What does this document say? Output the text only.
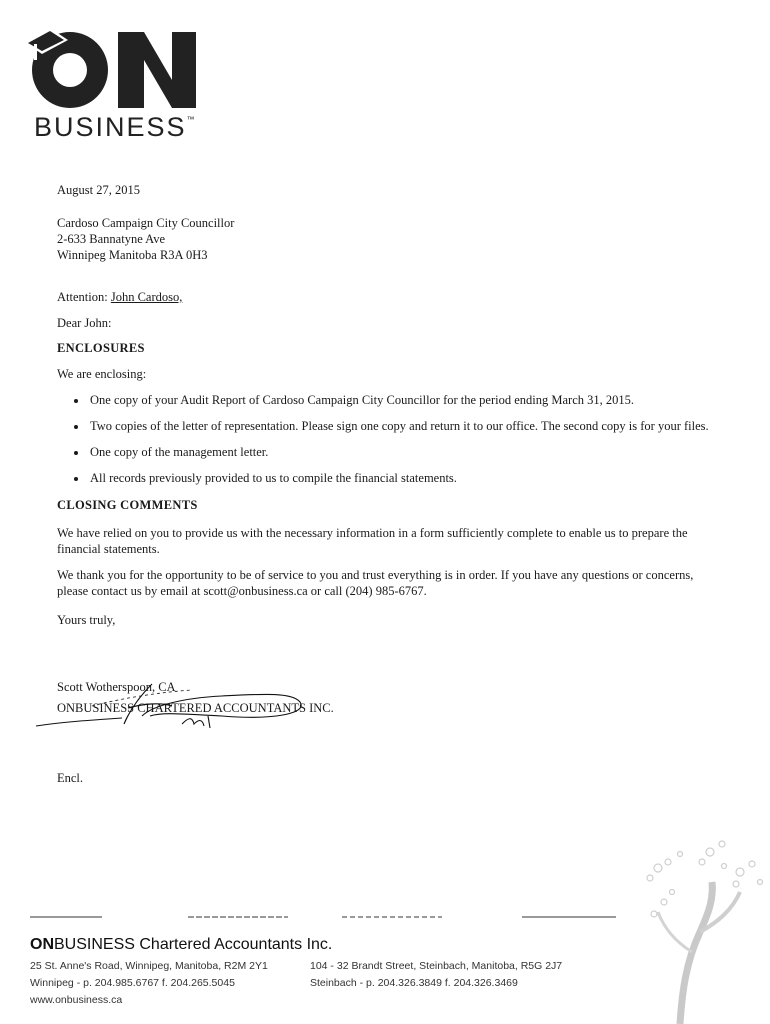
BUSINESS™

August 27, 2015

Cardoso Campaign City Councillor
2-633 Bannatyne Ave
Winnipeg Manitoba R3A 0H3

Attention: John Cardoso,

Dear John:

ENCLOSURES

We are enclosing:

One copy of your Audit Report of Cardoso Campaign City Councillor for the period ending March 31, 2015.
Two copies of the letter of representation. Please sign one copy and return it to our office. The second copy is for your files.
One copy of the management letter.
All records previously provided to us to compile the financial statements.

CLOSING COMMENTS

We have relied on you to provide us with the necessary information in a form sufficiently complete to enable us to prepare the financial statements.

We thank you for the opportunity to be of service to you and trust everything is in order. If you have any questions or concerns, please contact us by email at scott@onbusiness.ca or call (204) 985-6767.

Yours truly,

Scott Wotherspoon, CA

ONBUSINESS CHARTERED ACCOUNTANTS INC.

Encl.

ONBUSINESS Chartered Accountants Inc.
25 St. Anne's Road, Winnipeg, Manitoba, R2M 2Y1
Winnipeg - p. 204.985.6767 f. 204.265.5045
www.onbusiness.ca
104 - 32 Brandt Street, Steinbach, Manitoba, R5G 2J7
Steinbach - p. 204.326.3849 f. 204.326.3469
